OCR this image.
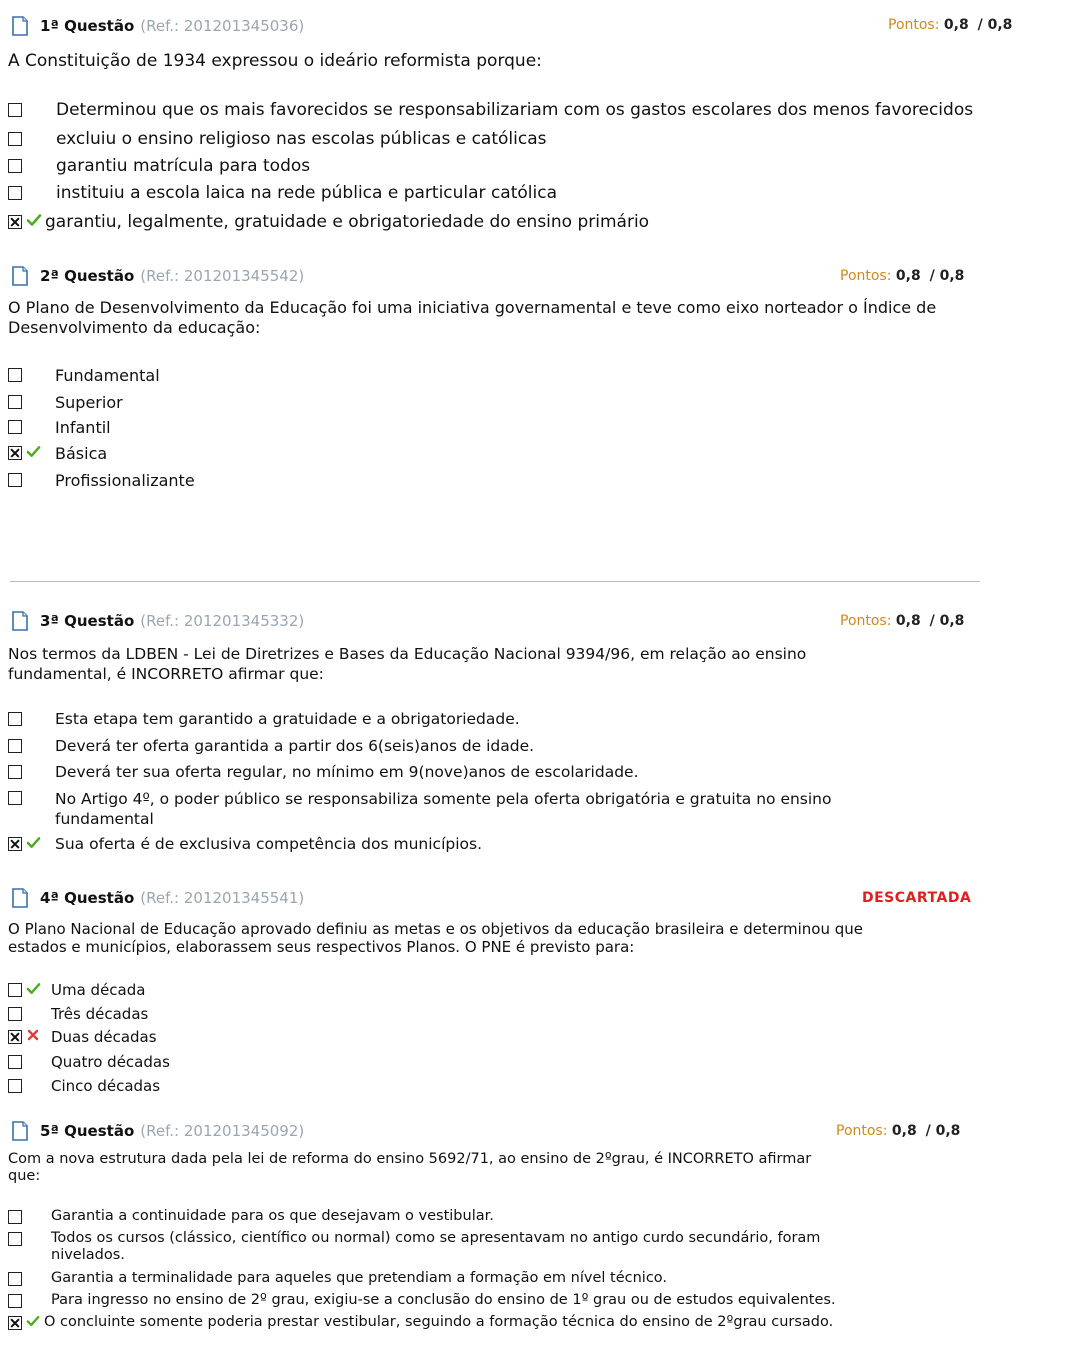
1ª Questão (Ref.: 201201345036)	Pontos: 0,8 / 0,8
A Constituição de 1934 expressou o ideário reformista porque:
Determinou que os mais favorecidos se responsabilizariam com os gastos escolares dos menos favorecidos
excluiu o ensino religioso nas escolas públicas e católicas
garantiu matrícula para todos
instituiu a escola laica na rede pública e particular católica
garantiu, legalmente, gratuidade e obrigatoriedade do ensino primário
2ª Questão (Ref.: 201201345542)	Pontos: 0,8 / 0,8
O Plano de Desenvolvimento da Educação foi uma iniciativa governamental e teve como eixo norteador o Índice de
Desenvolvimento da educação:
Fundamental
Superior
Infantil
Básica
Profissionalizante
3ª Questão (Ref.: 201201345332)	Pontos: 0,8 / 0,8
Nos termos da LDBEN - Lei de Diretrizes e Bases da Educação Nacional 9394/96, em relação ao ensino
fundamental, é INCORRETO afirmar que:
Esta etapa tem garantido a gratuidade e a obrigatoriedade.
Deverá ter oferta garantida a partir dos 6(seis)anos de idade.
Deverá ter sua oferta regular, no mínimo em 9(nove)anos de escolaridade.
No Artigo 4º, o poder público se responsabiliza somente pela oferta obrigatória e gratuita no ensino
fundamental
Sua oferta é de exclusiva competência dos municípios.
4ª Questão (Ref.: 201201345541)	DESCARTADA
O Plano Nacional de Educação aprovado definiu as metas e os objetivos da educação brasileira e determinou que
estados e municípios, elaborassem seus respectivos Planos. O PNE é previsto para:
Uma década
Três décadas
Duas décadas
Quatro décadas
Cinco décadas
5ª Questão (Ref.: 201201345092)	Pontos: 0,8 / 0,8
Com a nova estrutura dada pela lei de reforma do ensino 5692/71, ao ensino de 2ºgrau, é INCORRETO afirmar
que:
Garantia a continuidade para os que desejavam o vestibular.
Todos os cursos (clássico, científico ou normal) como se apresentavam no antigo curdo secundário, foram
nivelados.
Garantia a terminalidade para aqueles que pretendiam a formação em nível técnico.
Para ingresso no ensino de 2º grau, exigiu-se a conclusão do ensino de 1º grau ou de estudos equivalentes.
O concluinte somente poderia prestar vestibular, seguindo a formação técnica do ensino de 2ºgrau cursado.
